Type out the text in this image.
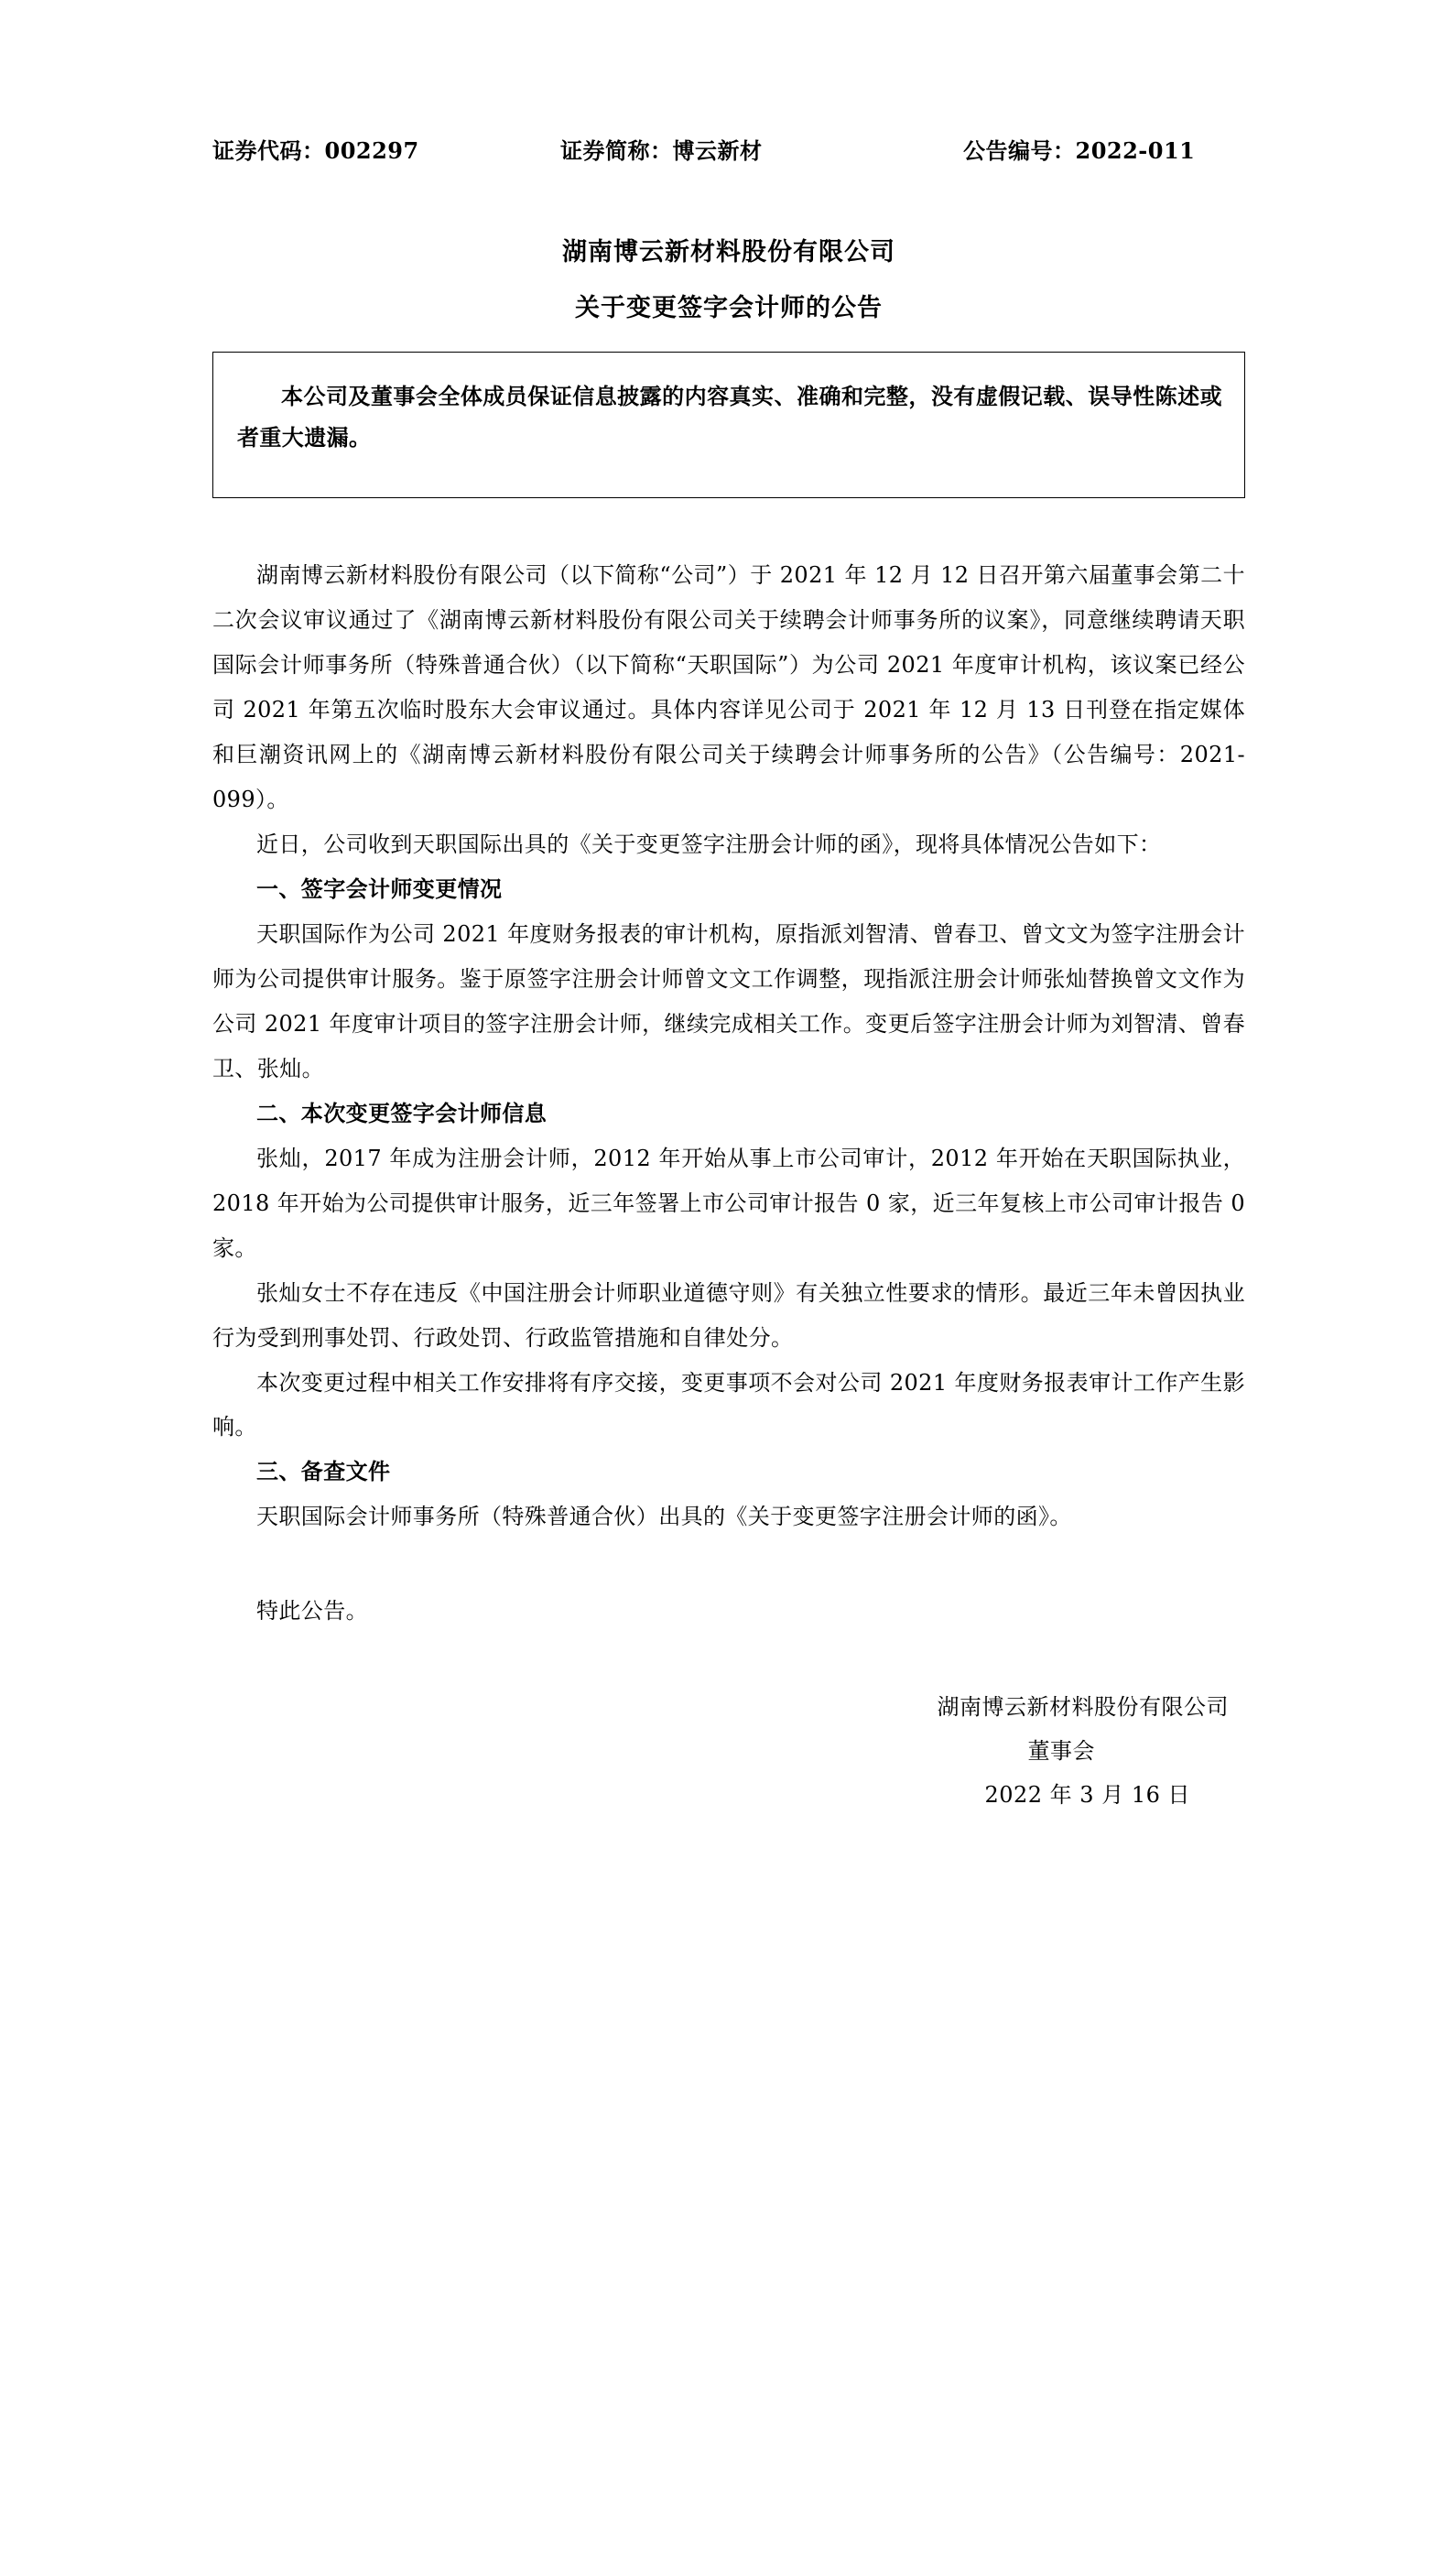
证券代码：002297	证券简称：博云新材	公告编号：2022-011
湖南博云新材料股份有限公司
关于变更签字会计师的公告

本公司及董事会全体成员保证信息披露的内容真实、准确和完整，没有虚假记载、误导性陈述或者重大遗漏。

湖南博云新材料股份有限公司（以下简称“公司”）于 2021 年 12 月 12 日召开第六届董事会第二十二次会议审议通过了《湖南博云新材料股份有限公司关于续聘会计师事务所的议案》，同意继续聘请天职国际会计师事务所（特殊普通合伙）（以下简称“天职国际”）为公司 2021 年度审计机构，该议案已经公司 2021 年第五次临时股东大会审议通过。具体内容详见公司于 2021 年 12 月 13 日刊登在指定媒体和巨潮资讯网上的《湖南博云新材料股份有限公司关于续聘会计师事务所的公告》（公告编号：2021-099）。

近日，公司收到天职国际出具的《关于变更签字注册会计师的函》，现将具体情况公告如下：

一、签字会计师变更情况

天职国际作为公司 2021 年度财务报表的审计机构，原指派刘智清、曾春卫、曾文文为签字注册会计师为公司提供审计服务。鉴于原签字注册会计师曾文文工作调整，现指派注册会计师张灿替换曾文文作为公司 2021 年度审计项目的签字注册会计师，继续完成相关工作。变更后签字注册会计师为刘智清、曾春卫、张灿。

二、本次变更签字会计师信息

张灿，2017 年成为注册会计师，2012 年开始从事上市公司审计，2012 年开始在天职国际执业，2018 年开始为公司提供审计服务，近三年签署上市公司审计报告 0 家，近三年复核上市公司审计报告 0 家。

张灿女士不存在违反《中国注册会计师职业道德守则》有关独立性要求的情形。最近三年未曾因执业行为受到刑事处罚、行政处罚、行政监管措施和自律处分。

本次变更过程中相关工作安排将有序交接，变更事项不会对公司 2021 年度财务报表审计工作产生影响。

三、备查文件

天职国际会计师事务所（特殊普通合伙）出具的《关于变更签字注册会计师的函》。

特此公告。

湖南博云新材料股份有限公司
董事会
2022 年 3 月 16 日
